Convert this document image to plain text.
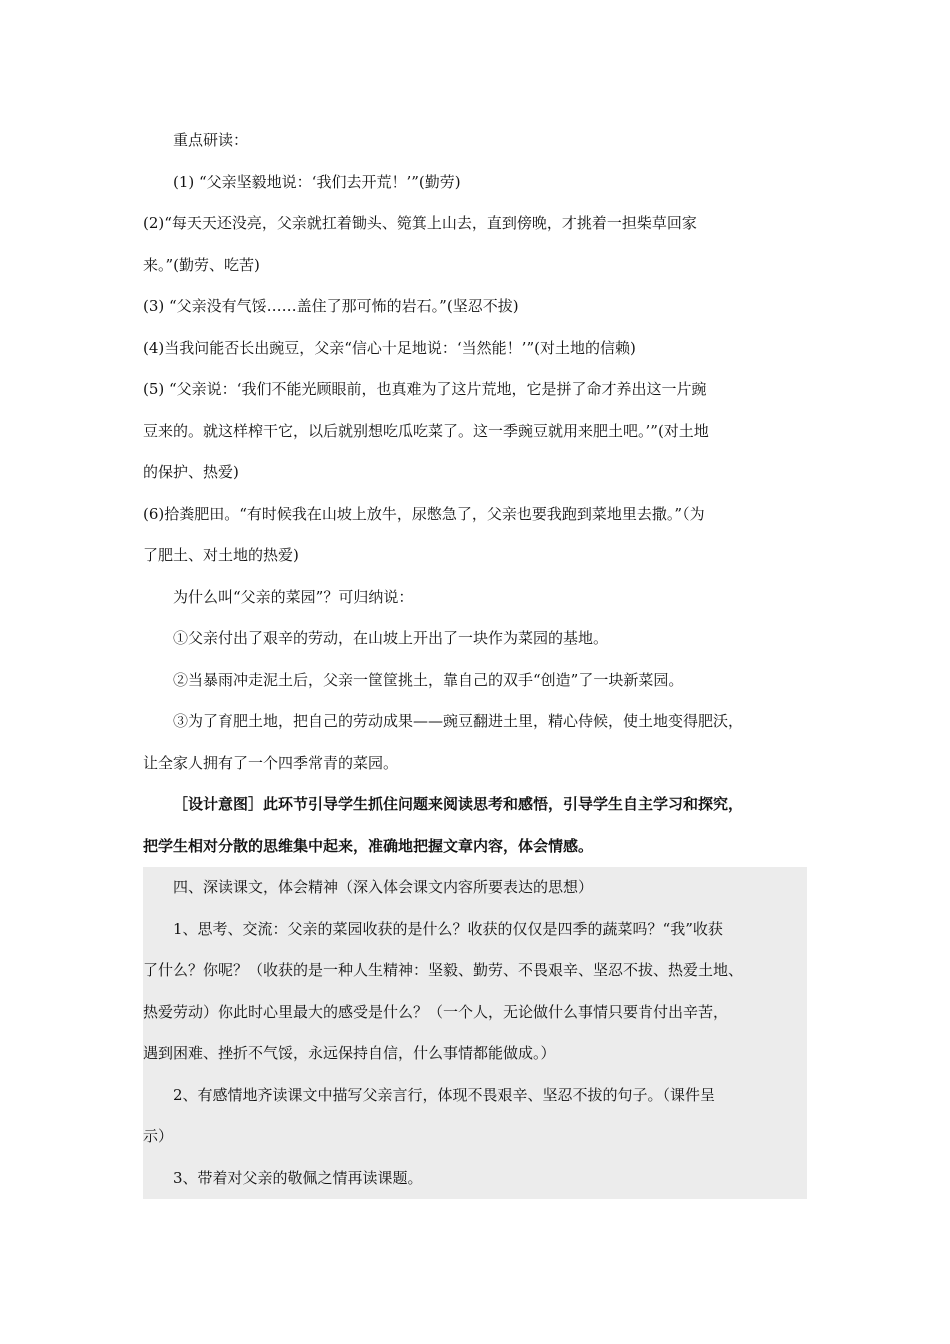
重点研读：
(1) “父亲坚毅地说：‘我们去开荒！’”(勤劳)
(2)“每天天还没亮，父亲就扛着锄头、箢箕上山去，直到傍晚，才挑着一担柴草回家
来。”(勤劳、吃苦)
(3) “父亲没有气馁……盖住了那可怖的岩石。”(坚忍不拔)
(4)当我问能否长出豌豆，父亲“信心十足地说：‘当然能！’”(对土地的信赖)
(5) “父亲说：‘我们不能光顾眼前，也真难为了这片荒地，它是拼了命才养出这一片豌
豆来的。就这样榨干它，以后就别想吃瓜吃菜了。这一季豌豆就用来肥土吧。’”(对土地
的保护、热爱)
(6)拾粪肥田。“有时候我在山坡上放牛，尿憋急了，父亲也要我跑到菜地里去撒。”（为
了肥土、对土地的热爱)
为什么叫“父亲的菜园”？可归纳说：
①父亲付出了艰辛的劳动，在山坡上开出了一块作为菜园的基地。
②当暴雨冲走泥土后，父亲一筐筐挑土，靠自己的双手“创造”了一块新菜园。
③为了育肥土地，把自己的劳动成果——豌豆翻进土里，精心侍候，使土地变得肥沃，
让全家人拥有了一个四季常青的菜园。
［设计意图］此环节引导学生抓住问题来阅读思考和感悟，引导学生自主学习和探究，
把学生相对分散的思维集中起来，准确地把握文章内容，体会情感。
四、深读课文，体会精神（深入体会课文内容所要表达的思想）
1、思考、交流：父亲的菜园收获的是什么？收获的仅仅是四季的蔬菜吗？“我”收获
了什么？你呢？（收获的是一种人生精神：坚毅、勤劳、不畏艰辛、坚忍不拔、热爱土地、
热爱劳动）你此时心里最大的感受是什么？（一个人，无论做什么事情只要肯付出辛苦，
遇到困难、挫折不气馁，永远保持自信，什么事情都能做成。）
2、有感情地齐读课文中描写父亲言行，体现不畏艰辛、坚忍不拔的句子。（课件呈
示）
3、带着对父亲的敬佩之情再读课题。
